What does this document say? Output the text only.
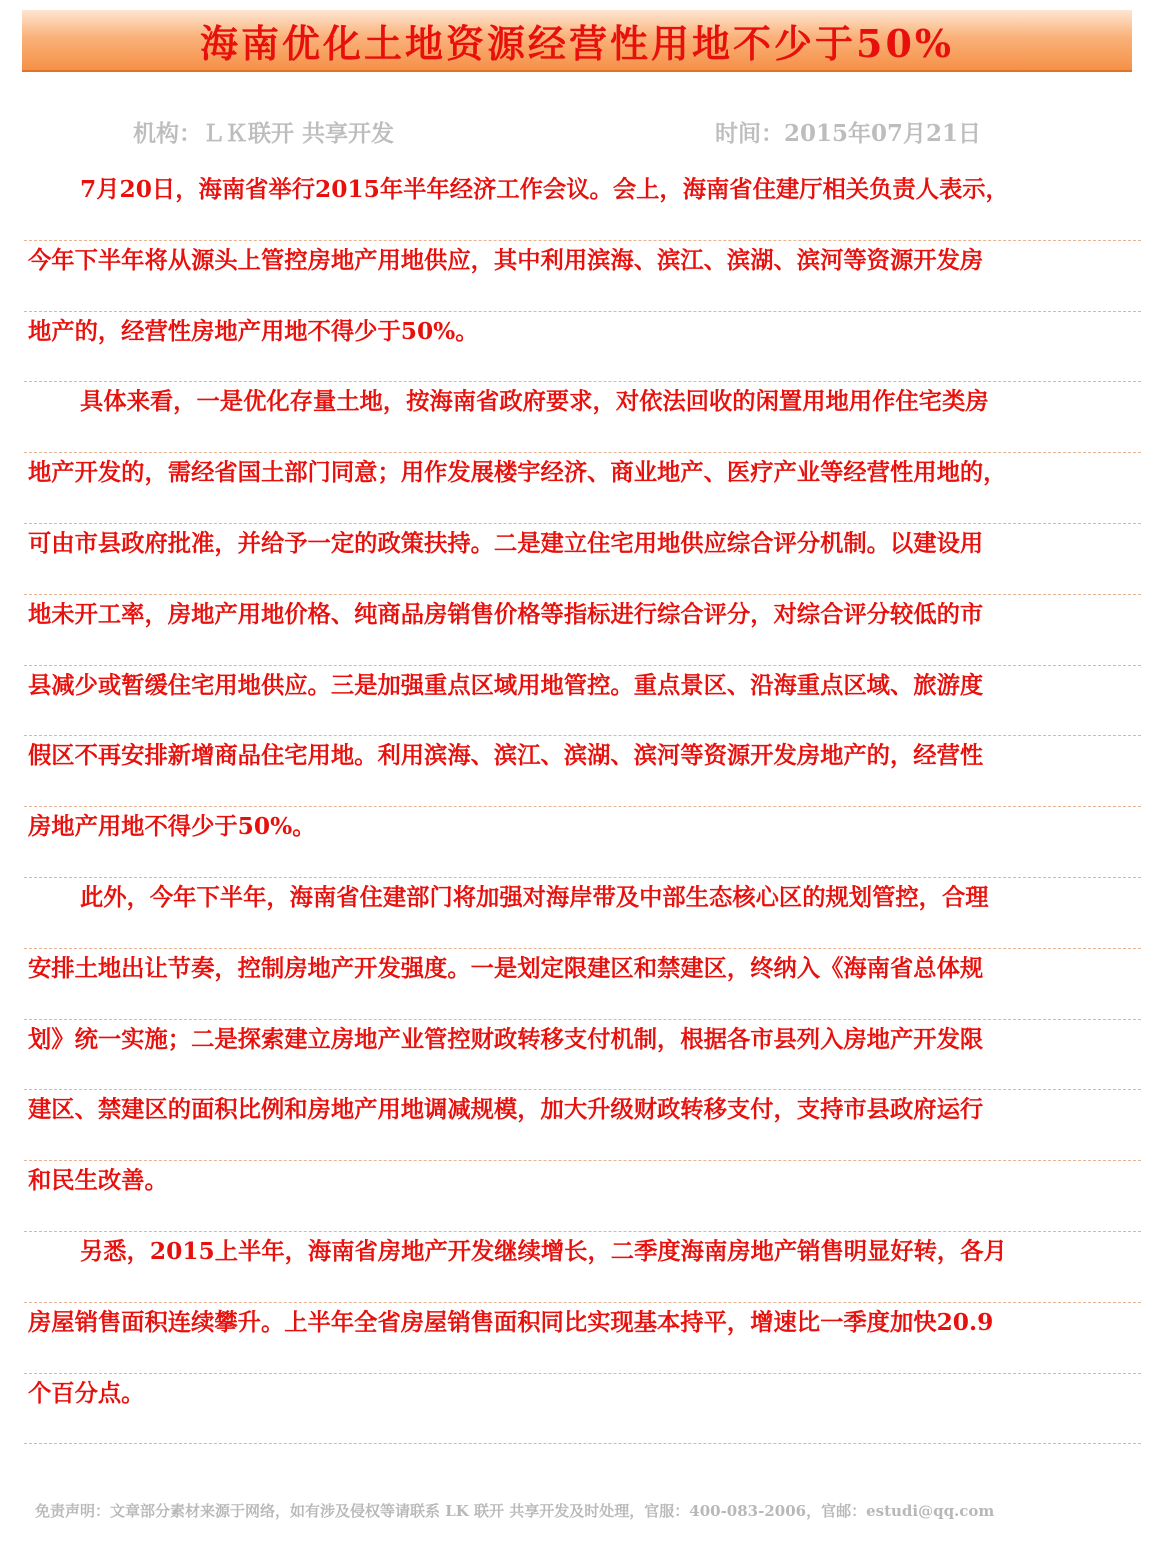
海南优化土地资源经营性用地不少于50%
机构：ＬＫ联开 共享开发	时间：2015年07月21日
7月20日，海南省举行2015年半年经济工作会议。会上，海南省住建厅相关负责人表示，
今年下半年将从源头上管控房地产用地供应，其中利用滨海、滨江、滨湖、滨河等资源开发房
地产的，经营性房地产用地不得少于50%。
具体来看，一是优化存量土地，按海南省政府要求，对依法回收的闲置用地用作住宅类房
地产开发的，需经省国土部门同意；用作发展楼宇经济、商业地产、医疗产业等经营性用地的，
可由市县政府批准，并给予一定的政策扶持。二是建立住宅用地供应综合评分机制。以建设用
地未开工率，房地产用地价格、纯商品房销售价格等指标进行综合评分，对综合评分较低的市
县减少或暂缓住宅用地供应。三是加强重点区域用地管控。重点景区、沿海重点区域、旅游度
假区不再安排新增商品住宅用地。利用滨海、滨江、滨湖、滨河等资源开发房地产的，经营性
房地产用地不得少于50%。
此外，今年下半年，海南省住建部门将加强对海岸带及中部生态核心区的规划管控，合理
安排土地出让节奏，控制房地产开发强度。一是划定限建区和禁建区，终纳入《海南省总体规
划》统一实施；二是探索建立房地产业管控财政转移支付机制，根据各市县列入房地产开发限
建区、禁建区的面积比例和房地产用地调减规模，加大升级财政转移支付，支持市县政府运行
和民生改善。
另悉，2015上半年，海南省房地产开发继续增长，二季度海南房地产销售明显好转，各月
房屋销售面积连续攀升。上半年全省房屋销售面积同比实现基本持平，增速比一季度加快20.9
个百分点。
免责声明：文章部分素材来源于网络，如有涉及侵权等请联系 LK 联开 共享开发及时处理，官服：400-083-2006，官邮：estudi@qq.com
